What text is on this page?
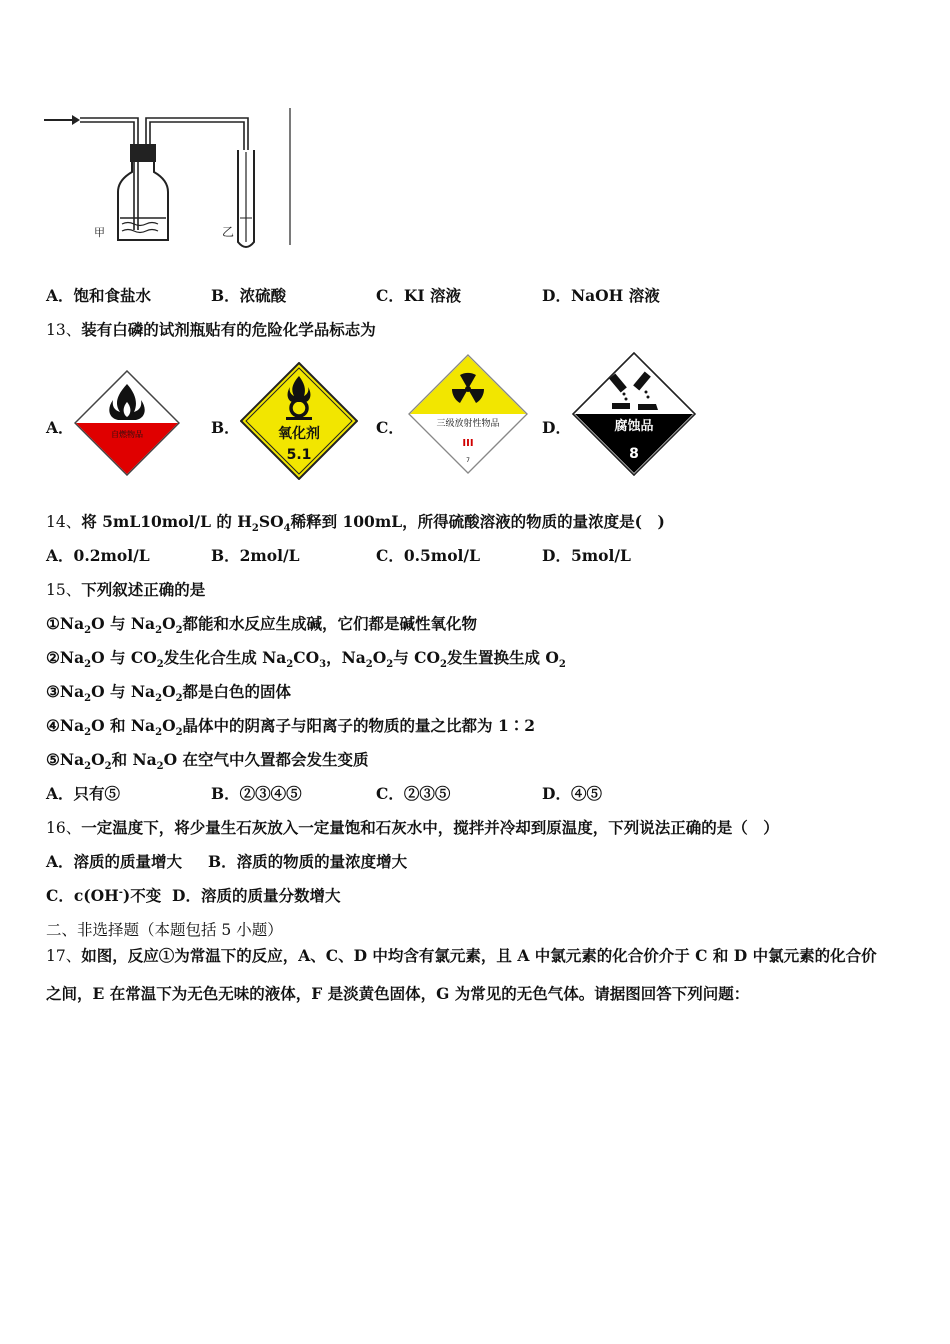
甲	乙
A．饱和食盐水	B．浓硫酸	C．KI 溶液	D．NaOH 溶液
13、装有白磷的试剂瓶贴有的危险化学品标志为
A．	自燃物品	B．	氧化剂
5.1
C．	三级放射性物品
III
7
D．	腐蚀品
8
14、将 5mL10mol/L 的 $H_2SO_4$稀释到 100mL，所得硫酸溶液的物质的量浓度是(　)
A．0.2mol/L	B．2mol/L	C．0.5mol/L	D．5mol/L
15、下列叙述正确的是
$①Na_2O$ 与 $Na_2O_2$都能和水反应生成碱，它们都是碱性氧化物
$②Na_2O$ 与 $CO_2$发生化合生成 $Na_2CO_3$，$Na_2O_2$与 $CO_2$发生置换生成 $O_2$
$③Na_2O$ 与 $Na_2O_2$都是白色的固体
$④Na_2O$ 和 $Na_2O_2$晶体中的阴离子与阳离子的物质的量之比都为 1∶2
$⑤Na_2O_2$和 $Na_2O$ 在空气中久置都会发生变质
A．只有⑤	B．②③④⑤	C．②③⑤	D．④⑤
16、一定温度下，将少量生石灰放入一定量饱和石灰水中，搅拌并冷却到原温度，下列说法正确的是（　）
A．溶质的质量增大 B．溶质的物质的量浓度增大
C．c(OH-)不变 D．溶质的质量分数增大
二、非选择题（本题包括 5 小题）
17、如图，反应①为常温下的反应，A、C、D 中均含有氯元素，且 A 中氯元素的化合价介于 C 和 D 中氯元素的化合价
之间，E 在常温下为无色无味的液体，F 是淡黄色固体，G 为常见的无色气体。请据图回答下列问题：
